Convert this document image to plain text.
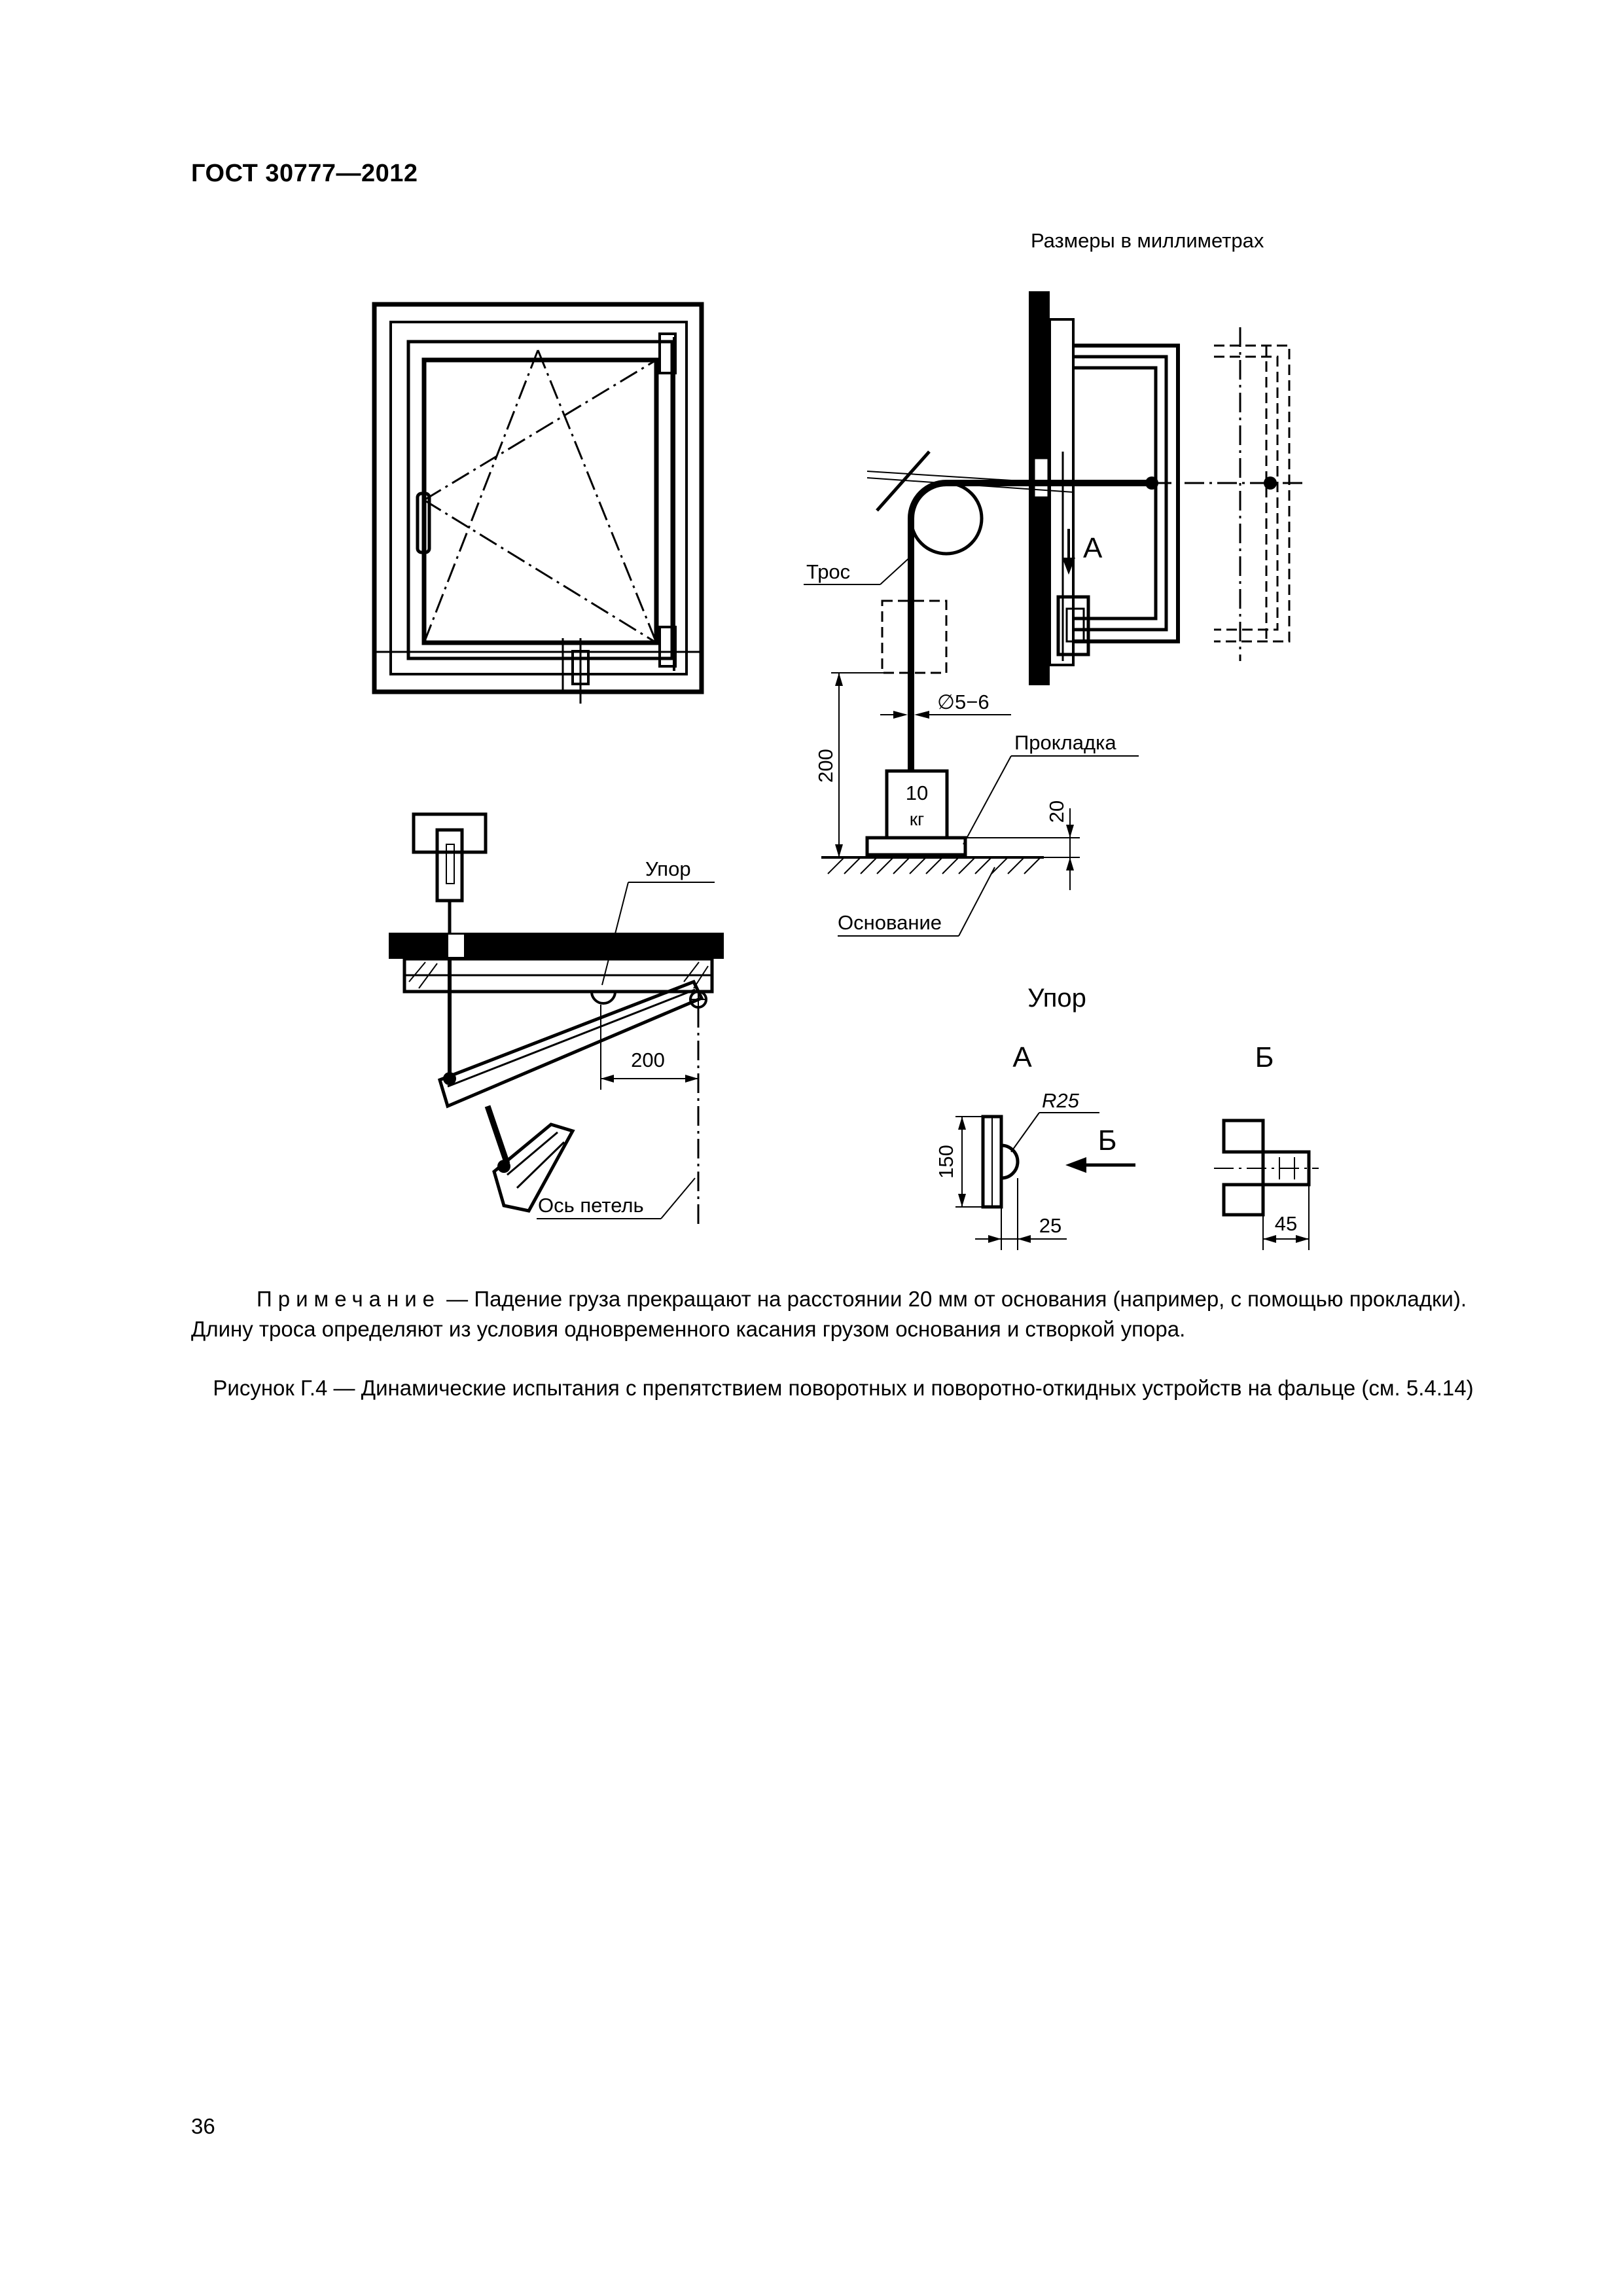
ГОСТ 30777—2012
Размеры в миллиметрах
Трос
∅5−6
200
10
кг
Прокладка
20
Основание
Упор
200
Ось петель
А
Упор
А	Б
R25
150
25
Б
45
Примечание — Падение груза прекращают на расстоянии 20 мм от основания (например, с помощью прокладки). Длину троса определяют из условия одновременного касания грузом основания и створкой упора.
Рисунок Г.4 — Динамические испытания с препятствием поворотных и поворотно-откидных устройств на фальце (см. 5.4.14)
36
